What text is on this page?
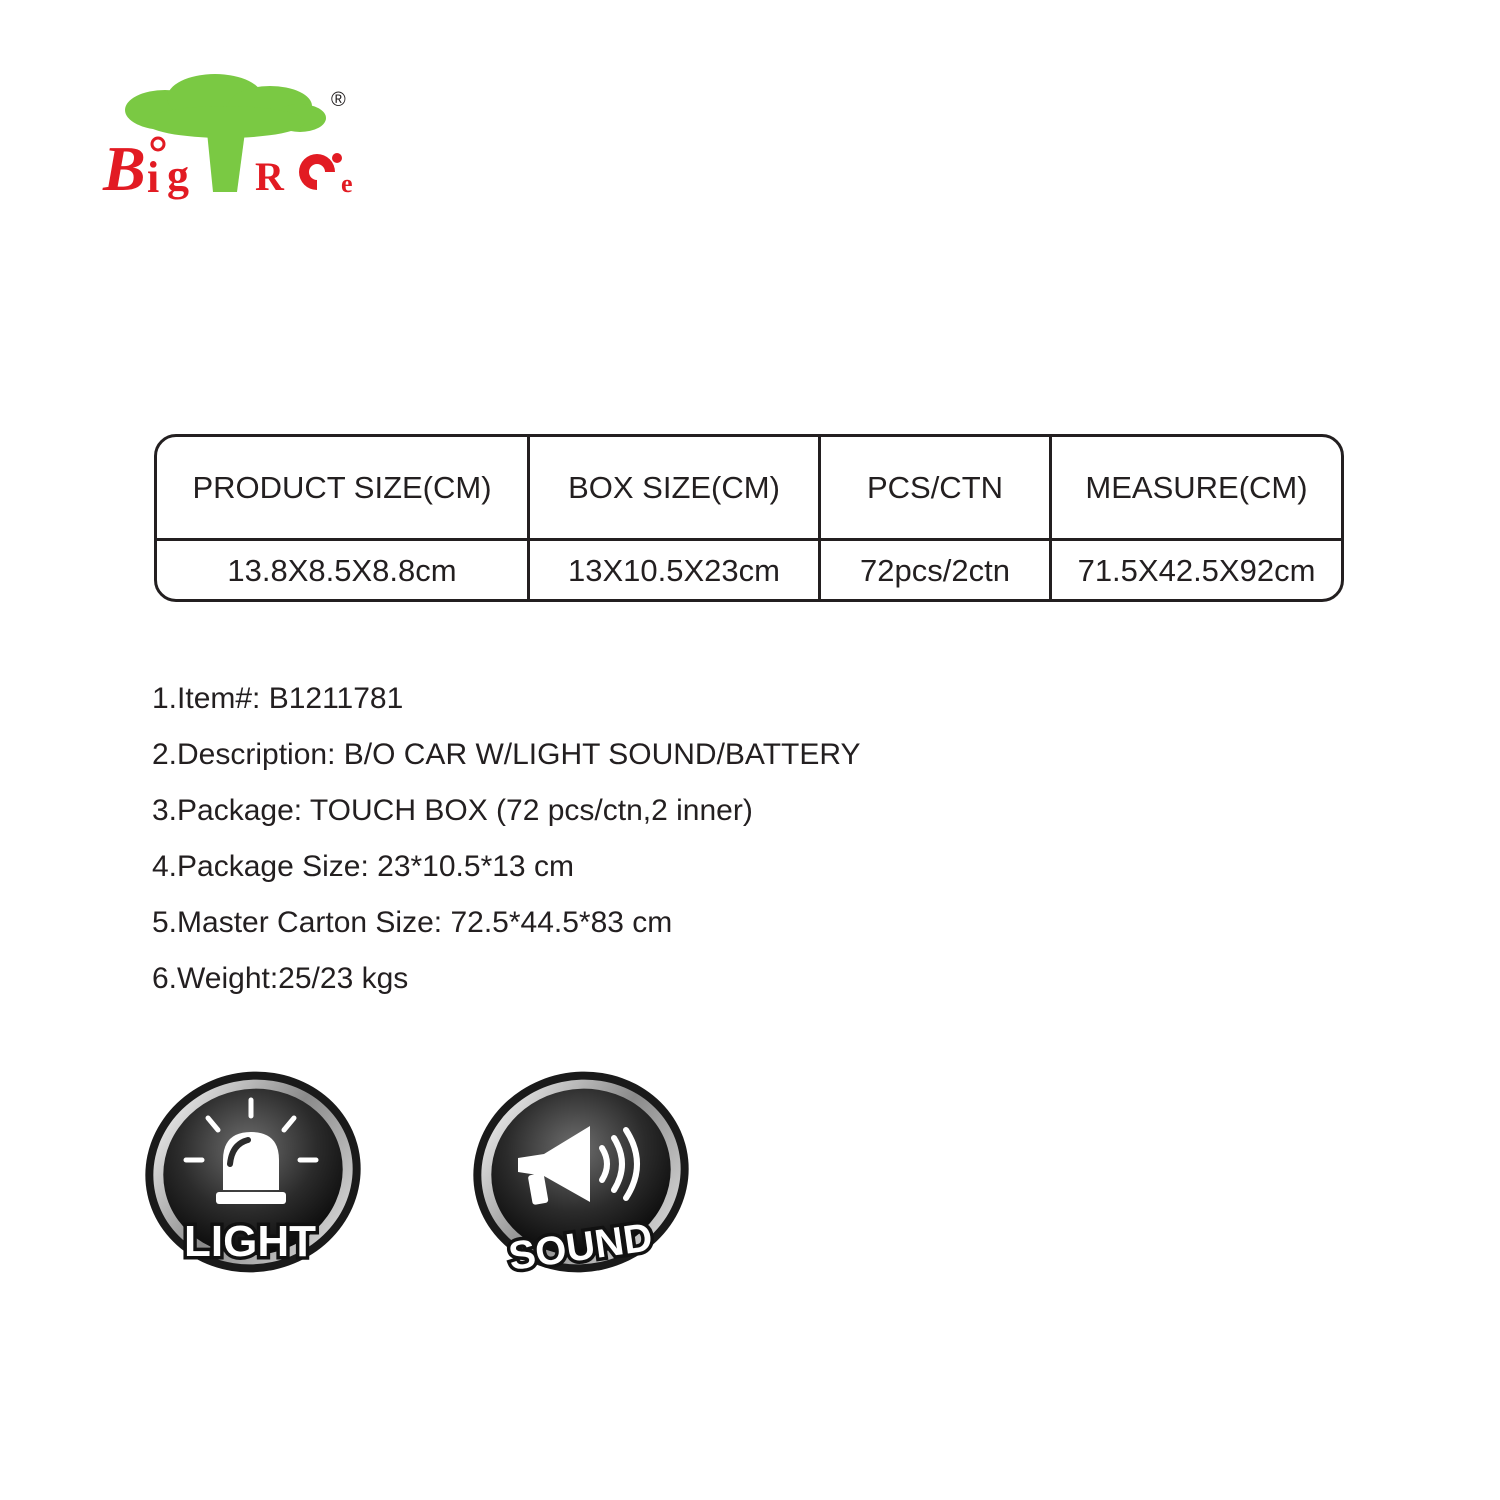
®
B i g R e
PRODUCT SIZE(CM)	BOX SIZE(CM)	PCS/CTN	MEASURE(CM)
13.8X8.5X8.8cm	13X10.5X23cm	72pcs/2ctn	71.5X42.5X92cm
1.Item#: B1211781
2.Description: B/O CAR W/LIGHT SOUND/BATTERY
3.Package: TOUCH BOX (72 pcs/ctn,2 inner)
4.Package Size: 23*10.5*13 cm
5.Master Carton Size: 72.5*44.5*83 cm
6.Weight:25/23 kgs
LIGHT	SOUND
